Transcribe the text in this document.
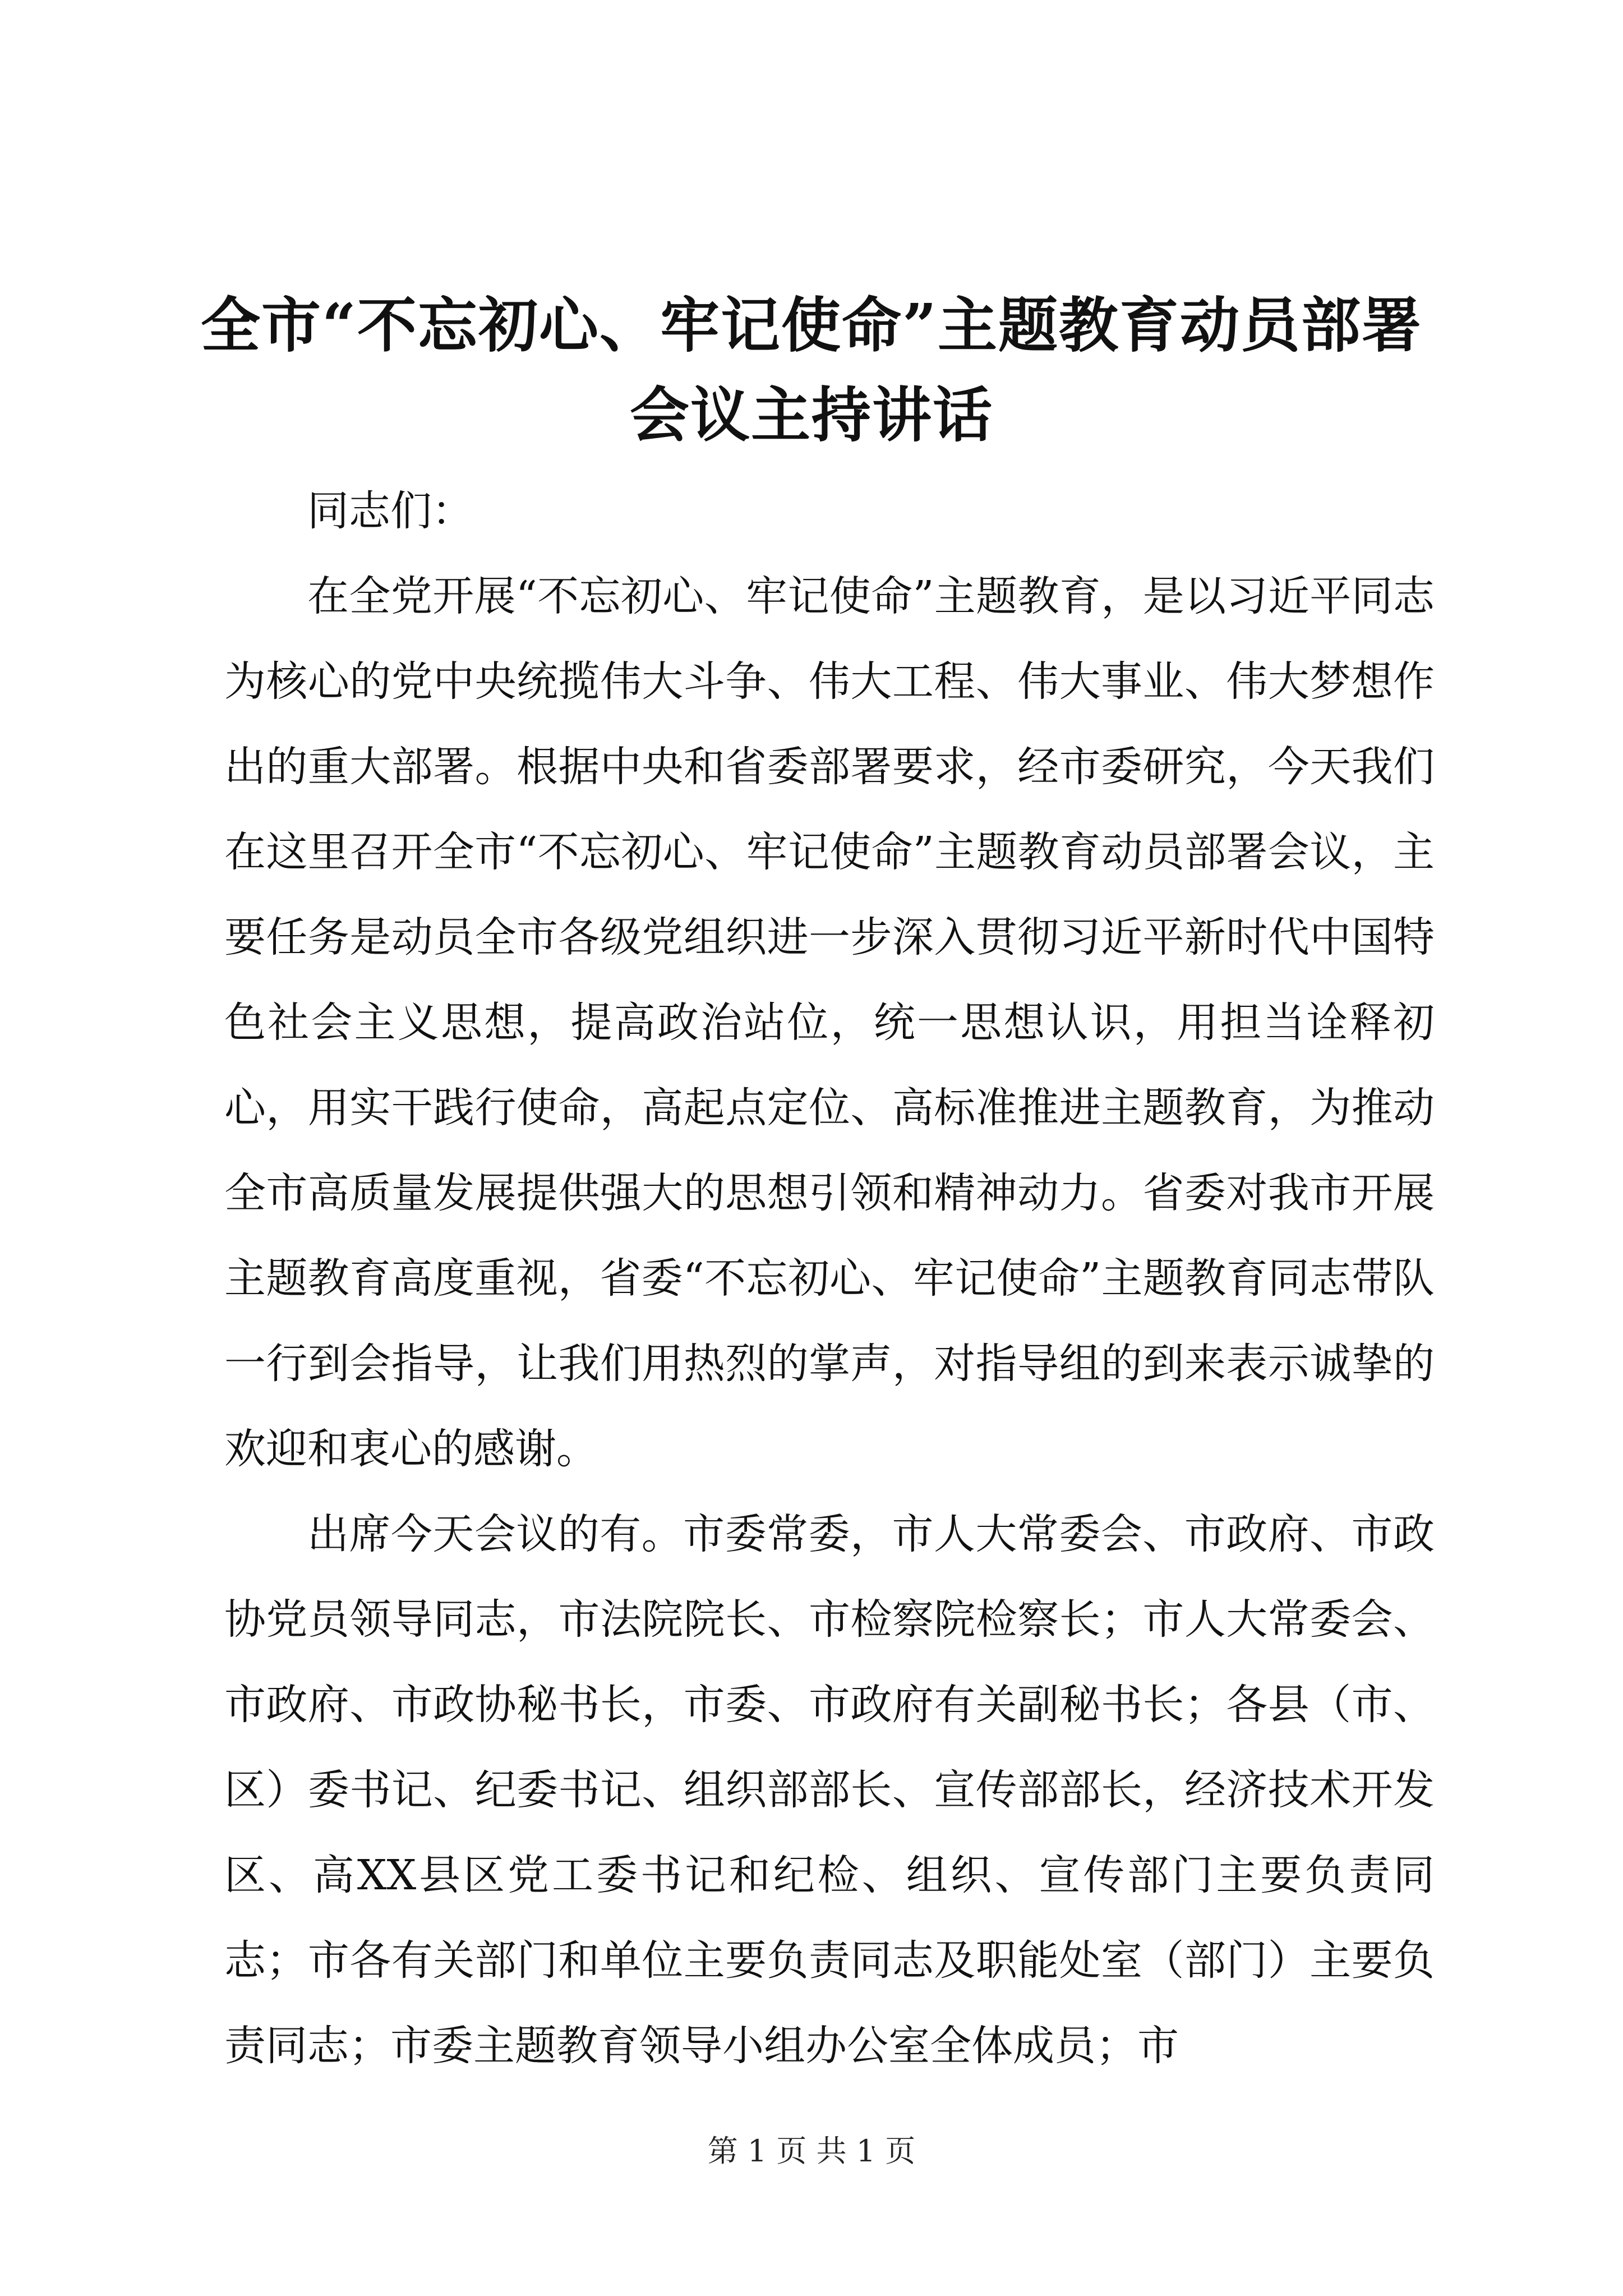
全市“不忘初心、牢记使命”主题教育动员部署会议主持讲话

同志们：

在全党开展“不忘初心、牢记使命”主题教育，是以习近平同志为核心的党中央统揽伟大斗争、伟大工程、伟大事业、伟大梦想作出的重大部署。根据中央和省委部署要求，经市委研究，今天我们在这里召开全市“不忘初心、牢记使命”主题教育动员部署会议，主要任务是动员全市各级党组织进一步深入贯彻习近平新时代中国特色社会主义思想，提高政治站位，统一思想认识，用担当诠释初心，用实干践行使命，高起点定位、高标准推进主题教育，为推动全市高质量发展提供强大的思想引领和精神动力。省委对我市开展主题教育高度重视，省委“不忘初心、牢记使命”主题教育同志带队一行到会指导，让我们用热烈的掌声，对指导组的到来表示诚挚的欢迎和衷心的感谢。

出席今天会议的有。市委常委，市人大常委会、市政府、市政协党员领导同志，市法院院长、市检察院检察长；市人大常委会、市政府、市政协秘书长，市委、市政府有关副秘书长；各县（市、区）委书记、纪委书记、组织部部长、宣传部部长，经济技术开发区、高XX县区党工委书记和纪检、组织、宣传部门主要负责同志；市各有关部门和单位主要负责同志及职能处室（部门）主要负责同志；市委主题教育领导小组办公室全体成员；市

第 1 页 共 1 页
